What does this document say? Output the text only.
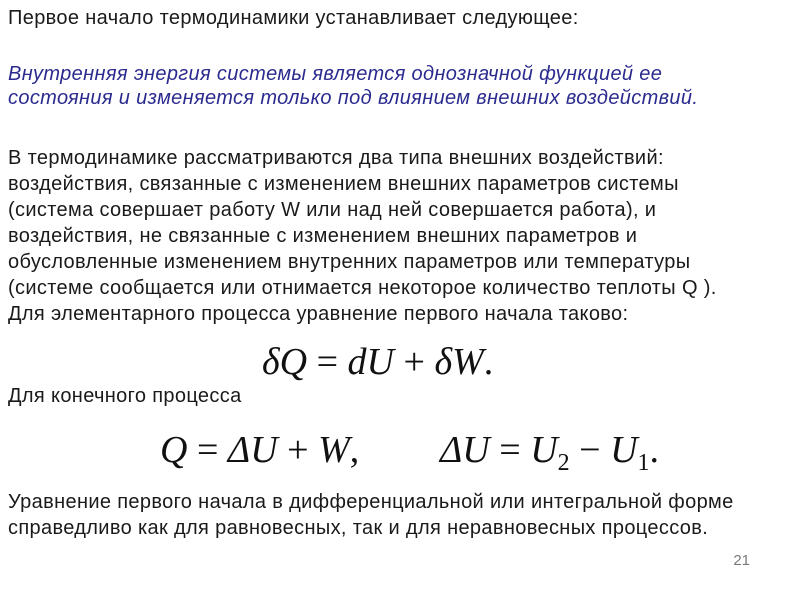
Первое начало термодинамики устанавливает следующее:
Внутренняя энергия системы является однозначной функцией ее
состояния и изменяется только под влиянием внешних воздействий.
В термодинамике рассматриваются два типа внешних воздействий:
воздействия, связанные с изменением внешних параметров системы
(система совершает работу W или над ней совершается работа), и
воздействия, не связанные с изменением внешних параметров и
обусловленные изменением внутренних параметров или температуры
(системе сообщается или отнимается некоторое количество теплоты Q ).
Для элементарного процесса уравнение первого начала таково:
δQ = dU + δW.
Для конечного процесса
Q = ΔU + W, $\Delta U = U_2 - U_1$.
Уравнение первого начала в дифференциальной или интегральной форме
справедливо как для равновесных, так и для неравновесных процессов.
21
